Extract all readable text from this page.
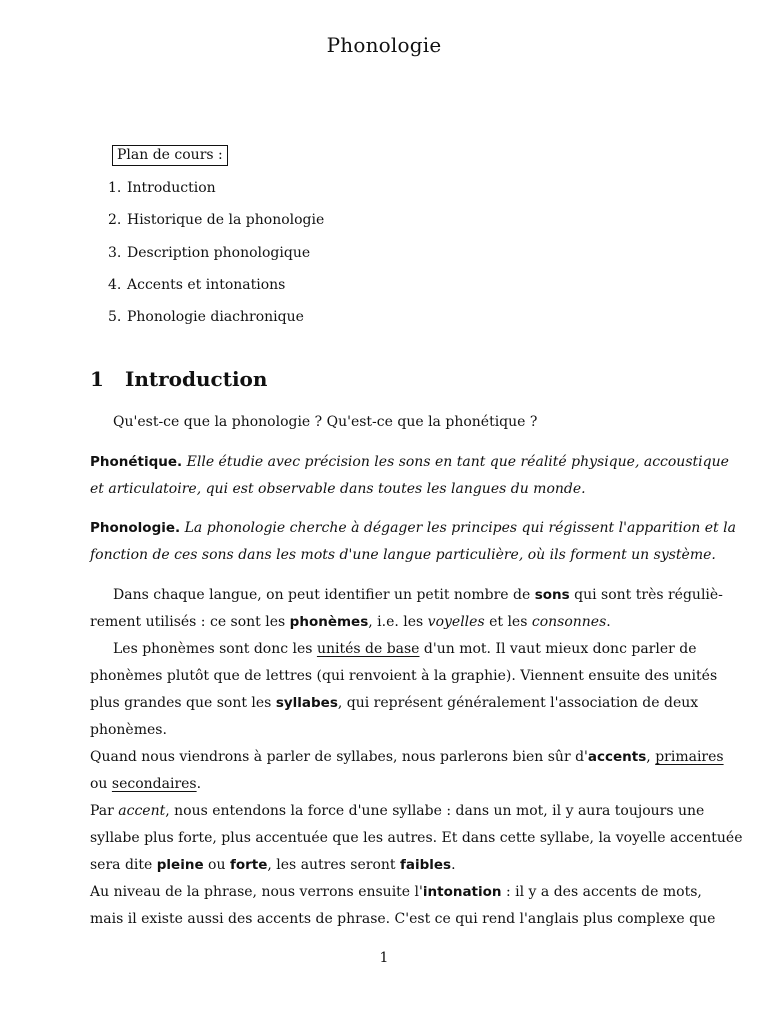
Phonologie
Plan de cours :
1. Introduction
2. Historique de la phonologie
3. Description phonologique
4. Accents et intonations
5. Phonologie diachronique
1 Introduction
Qu'est-ce que la phonologie ? Qu'est-ce que la phonétique ?
Phonétique. Elle étudie avec précision les sons en tant que réalité physique, accoustique
et articulatoire, qui est observable dans toutes les langues du monde.
Phonologie. La phonologie cherche à dégager les principes qui régissent l'apparition et la
fonction de ces sons dans les mots d'une langue particulière, où ils forment un système.
Dans chaque langue, on peut identifier un petit nombre de sons qui sont très réguliè-
rement utilisés : ce sont les phonèmes, i.e. les voyelles et les consonnes.
Les phonèmes sont donc les unités de base d'un mot. Il vaut mieux donc parler de
phonèmes plutôt que de lettres (qui renvoient à la graphie). Viennent ensuite des unités
plus grandes que sont les syllabes, qui représent généralement l'association de deux
phonèmes.
Quand nous viendrons à parler de syllabes, nous parlerons bien sûr d'accents, primaires
ou secondaires.
Par accent, nous entendons la force d'une syllabe : dans un mot, il y aura toujours une
syllabe plus forte, plus accentuée que les autres. Et dans cette syllabe, la voyelle accentuée
sera dite pleine ou forte, les autres seront faibles.
Au niveau de la phrase, nous verrons ensuite l'intonation : il y a des accents de mots,
mais il existe aussi des accents de phrase. C'est ce qui rend l'anglais plus complexe que
1
